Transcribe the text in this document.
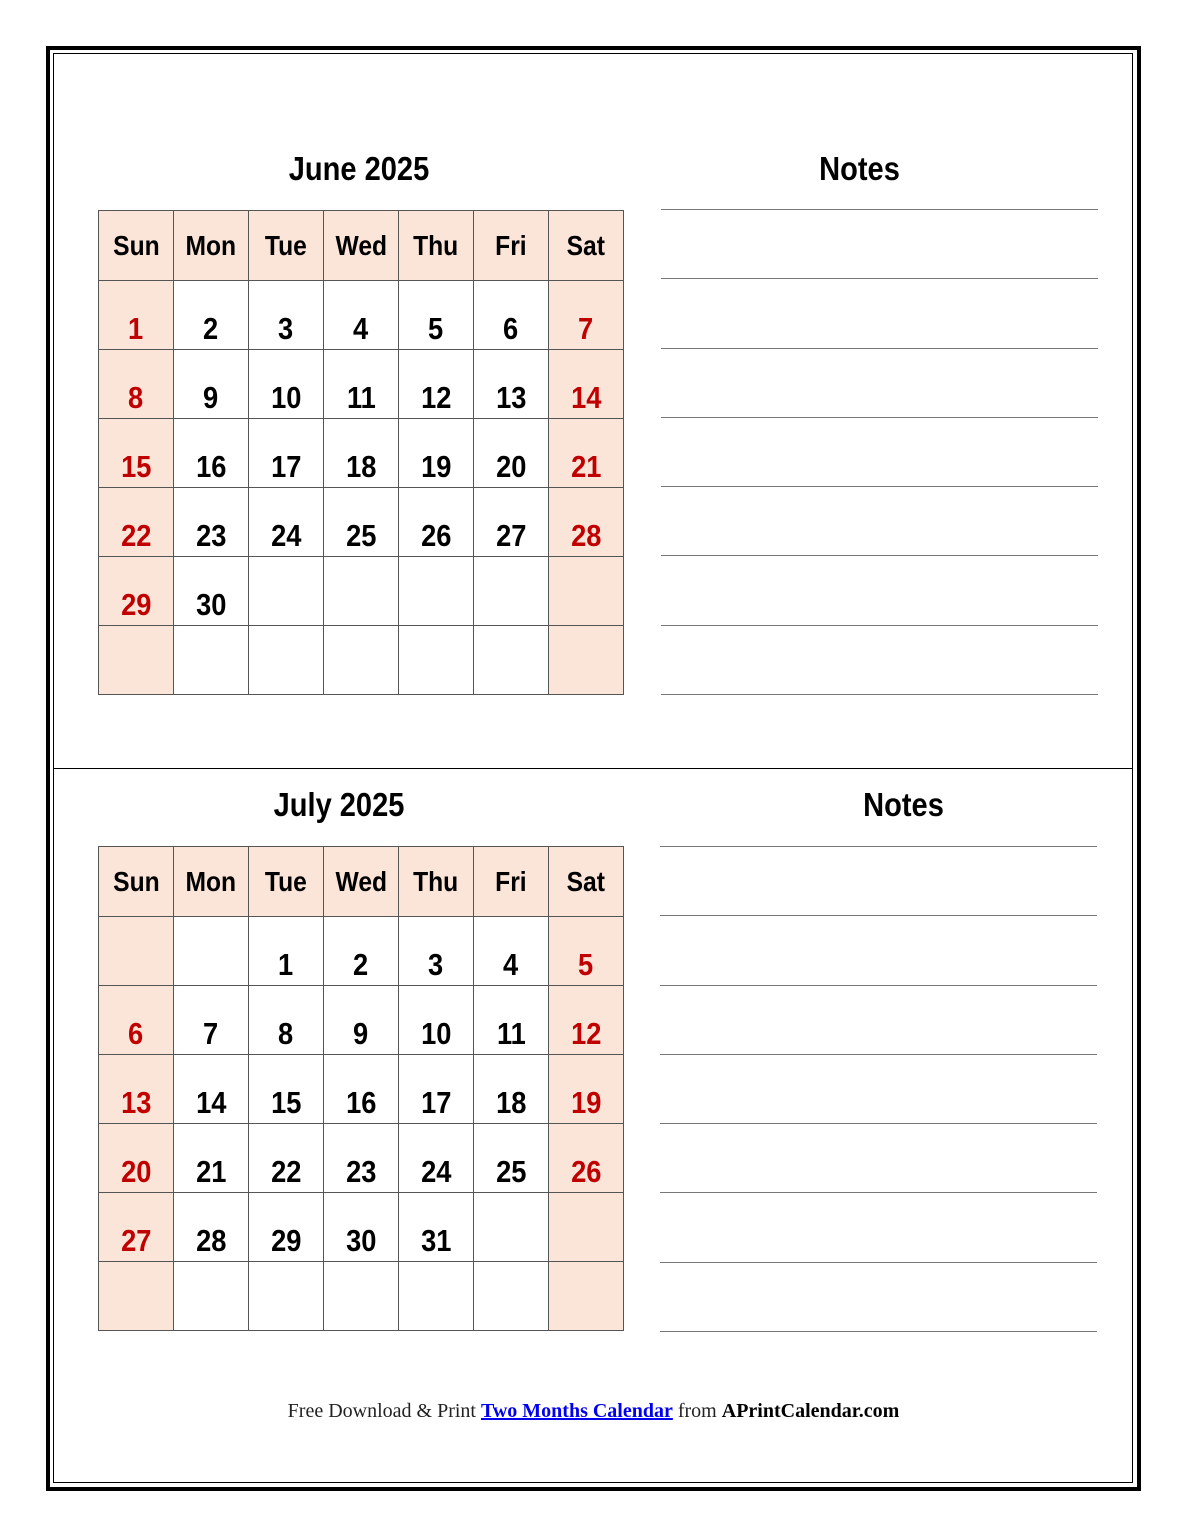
June 2025
Sun	Mon	Tue	Wed	Thu	Fri	Sat
1	2	3	4	5	6	7
8	9	10	11	12	13	14
15	16	17	18	19	20	21
22	23	24	25	26	27	28
29	30					

Notes
July 2025
Sun	Mon	Tue	Wed	Thu	Fri	Sat
		1	2	3	4	5
6	7	8	9	10	11	12
13	14	15	16	17	18	19
20	21	22	23	24	25	26
27	28	29	30	31		

Notes
Free Download & Print Two Months Calendar from APrintCalendar.com
